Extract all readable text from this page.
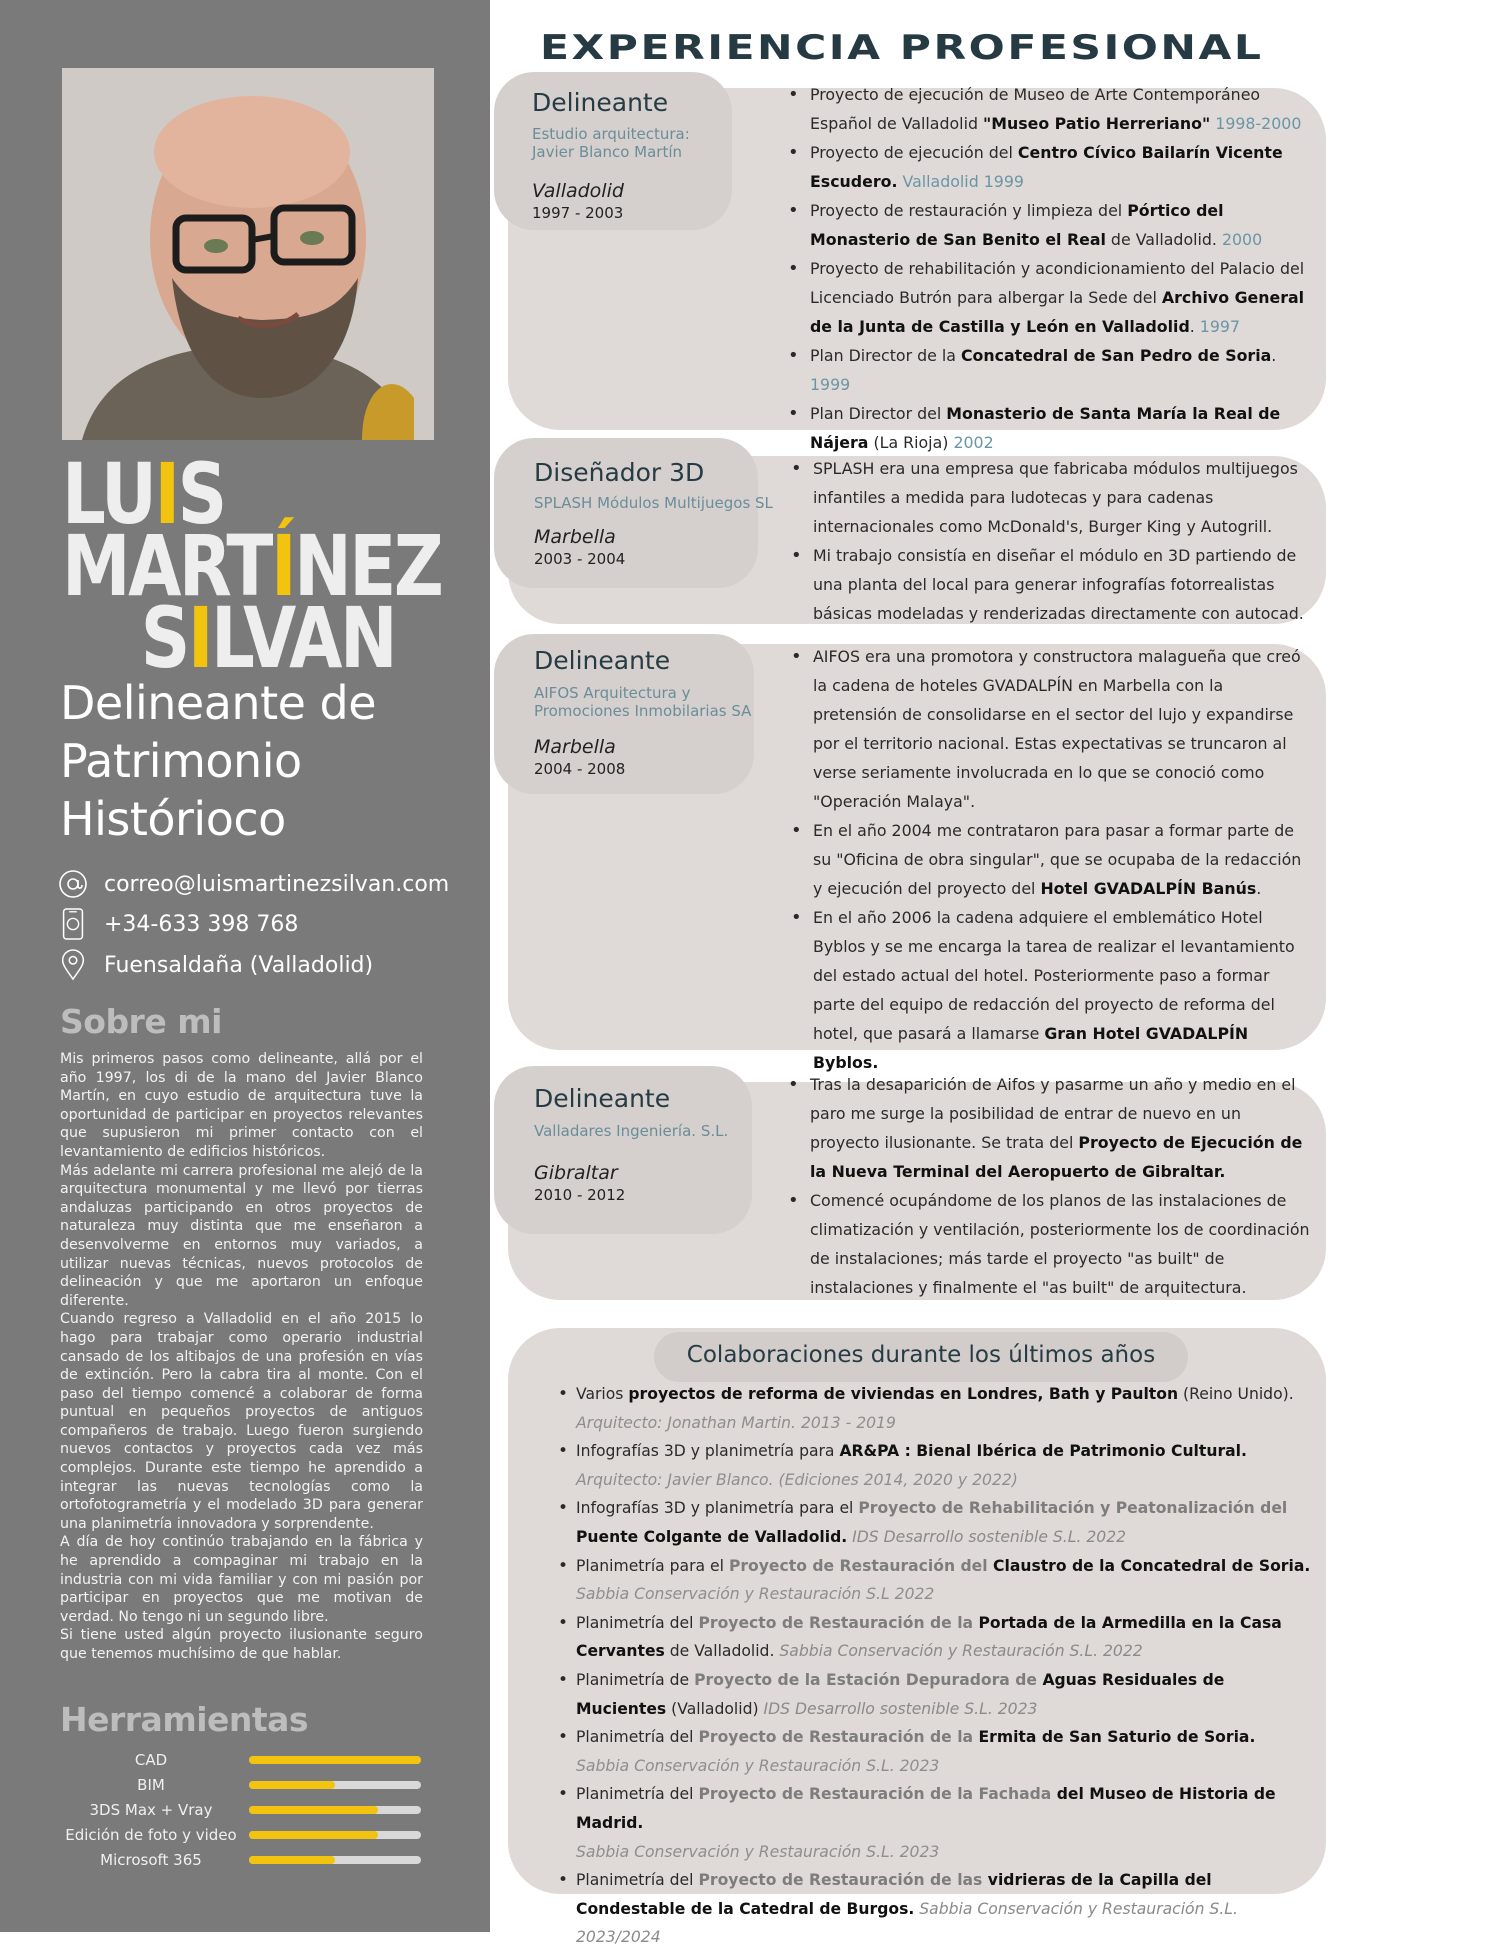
LUIS
MARTÍNEZ
SILVAN
Delineante de Patrimonio Histórioco
correo@luismartinezsilvan.com
+34-633 398 768
Fuensaldaña (Valladolid)
Sobre mi

Mis primeros pasos como delineante, allá por el año 1997, los di de la mano del Javier Blanco Martín, en cuyo estudio de arquitectura tuve la oportunidad de participar en proyectos relevantes que supusieron mi primer contacto con el levantamiento de edificios históricos.

Más adelante mi carrera profesional me alejó de la arquitectura monumental y me llevó por tierras andaluzas participando en otros proyectos de naturaleza muy distinta que me enseñaron a desenvolverme en entornos muy variados, a utilizar nuevas técnicas, nuevos protocolos de delineación y que me aportaron un enfoque diferente.

Cuando regreso a Valladolid en el año 2015 lo hago para trabajar como operario industrial cansado de los altibajos de una profesión en vías de extinción. Pero la cabra tira al monte. Con el paso del tiempo comencé a colaborar de forma puntual en pequeños proyectos de antiguos compañeros de trabajo. Luego fueron surgiendo nuevos contactos y proyectos cada vez más complejos. Durante este tiempo he aprendido a integrar las nuevas tecnologías como la ortofotogrametría y el modelado 3D para generar una planimetría innovadora y sorprendente.

A día de hoy continúo trabajando en la fábrica y he aprendido a compaginar mi trabajo en la industria con mi vida familiar y con mi pasión por participar en proyectos que me motivan de verdad. No tengo ni un segundo libre.

Si tiene usted algún proyecto ilusionante seguro que tenemos muchísimo de que hablar.

Herramientas
CAD
BIM
3DS Max + Vray
Edición de foto y video
Microsoft 365
EXPERIENCIA PROFESIONAL
Delineante
Estudio arquitectura:
Javier Blanco Martín
Valladolid
1997 - 2003
• Proyecto de ejecución de Museo de Arte Contemporáneo Español de Valladolid "Museo Patio Herreriano" 1998-2000
• Proyecto de ejecución del Centro Cívico Bailarín Vicente Escudero. Valladolid 1999
• Proyecto de restauración y limpieza del Pórtico del Monasterio de San Benito el Real de Valladolid. 2000
• Proyecto de rehabilitación y acondicionamiento del Palacio del Licenciado Butrón para albergar la Sede del Archivo General de la Junta de Castilla y León en Valladolid. 1997
• Plan Director de la Concatedral de San Pedro de Soria. 1999
• Plan Director del Monasterio de Santa María la Real de Nájera (La Rioja) 2002
Diseñador 3D
SPLASH Módulos Multijuegos SL
Marbella
2003 - 2004
• SPLASH era una empresa que fabricaba módulos multijuegos infantiles a medida para ludotecas y para cadenas internacionales como McDonald's, Burger King y Autogrill.
• Mi trabajo consistía en diseñar el módulo en 3D partiendo de una planta del local para generar infografías fotorrealistas básicas modeladas y renderizadas directamente con autocad.
Delineante
AIFOS Arquitectura y
Promociones Inmobilarias SA
Marbella
2004 - 2008
• AIFOS era una promotora y constructora malagueña que creó la cadena de hoteles GVADALPÍN en Marbella con la pretensión de consolidarse en el sector del lujo y expandirse por el territorio nacional. Estas expectativas se truncaron al verse seriamente involucrada en lo que se conoció como "Operación Malaya".
• En el año 2004 me contrataron para pasar a formar parte de su "Oficina de obra singular", que se ocupaba de la redacción y ejecución del proyecto del Hotel GVADALPÍN Banús.
• En el año 2006 la cadena adquiere el emblemático Hotel Byblos y se me encarga la tarea de realizar el levantamiento del estado actual del hotel. Posteriormente paso a formar parte del equipo de redacción del proyecto de reforma del hotel, que pasará a llamarse Gran Hotel GVADALPÍN Byblos.
Delineante
Valladares Ingeniería. S.L.
Gibraltar
2010 - 2012
• Tras la desaparición de Aifos y pasarme un año y medio en el paro me surge la posibilidad de entrar de nuevo en un proyecto ilusionante. Se trata del Proyecto de Ejecución de la Nueva Terminal del Aeropuerto de Gibraltar.
• Comencé ocupándome de los planos de las instalaciones de climatización y ventilación, posteriormente los de coordinación de instalaciones; más tarde el proyecto "as built" de instalaciones y finalmente el "as built" de arquitectura.
Colaboraciones durante los últimos años
• Varios proyectos de reforma de viviendas en Londres, Bath y Paulton (Reino Unido).
Arquitecto: Jonathan Martin. 2013 - 2019
• Infografías 3D y planimetría para AR&PA : Bienal Ibérica de Patrimonio Cultural.
Arquitecto: Javier Blanco. (Ediciones 2014, 2020 y 2022)
• Infografías 3D y planimetría para el Proyecto de Rehabilitación y Peatonalización del Puente Colgante de Valladolid. IDS Desarrollo sostenible S.L. 2022
• Planimetría para el Proyecto de Restauración del Claustro de la Concatedral de Soria.
Sabbia Conservación y Restauración S.L 2022
• Planimetría del Proyecto de Restauración de la Portada de la Armedilla en la Casa Cervantes de Valladolid. Sabbia Conservación y Restauración S.L. 2022
• Planimetría de Proyecto de la Estación Depuradora de Aguas Residuales de Mucientes (Valladolid) IDS Desarrollo sostenible S.L. 2023
• Planimetría del Proyecto de Restauración de la Ermita de San Saturio de Soria.
Sabbia Conservación y Restauración S.L. 2023
• Planimetría del Proyecto de Restauración de la Fachada del Museo de Historia de Madrid.
Sabbia Conservación y Restauración S.L. 2023
• Planimetría del Proyecto de Restauración de las vidrieras de la Capilla del Condestable de la Catedral de Burgos. Sabbia Conservación y Restauración S.L. 2023/2024
